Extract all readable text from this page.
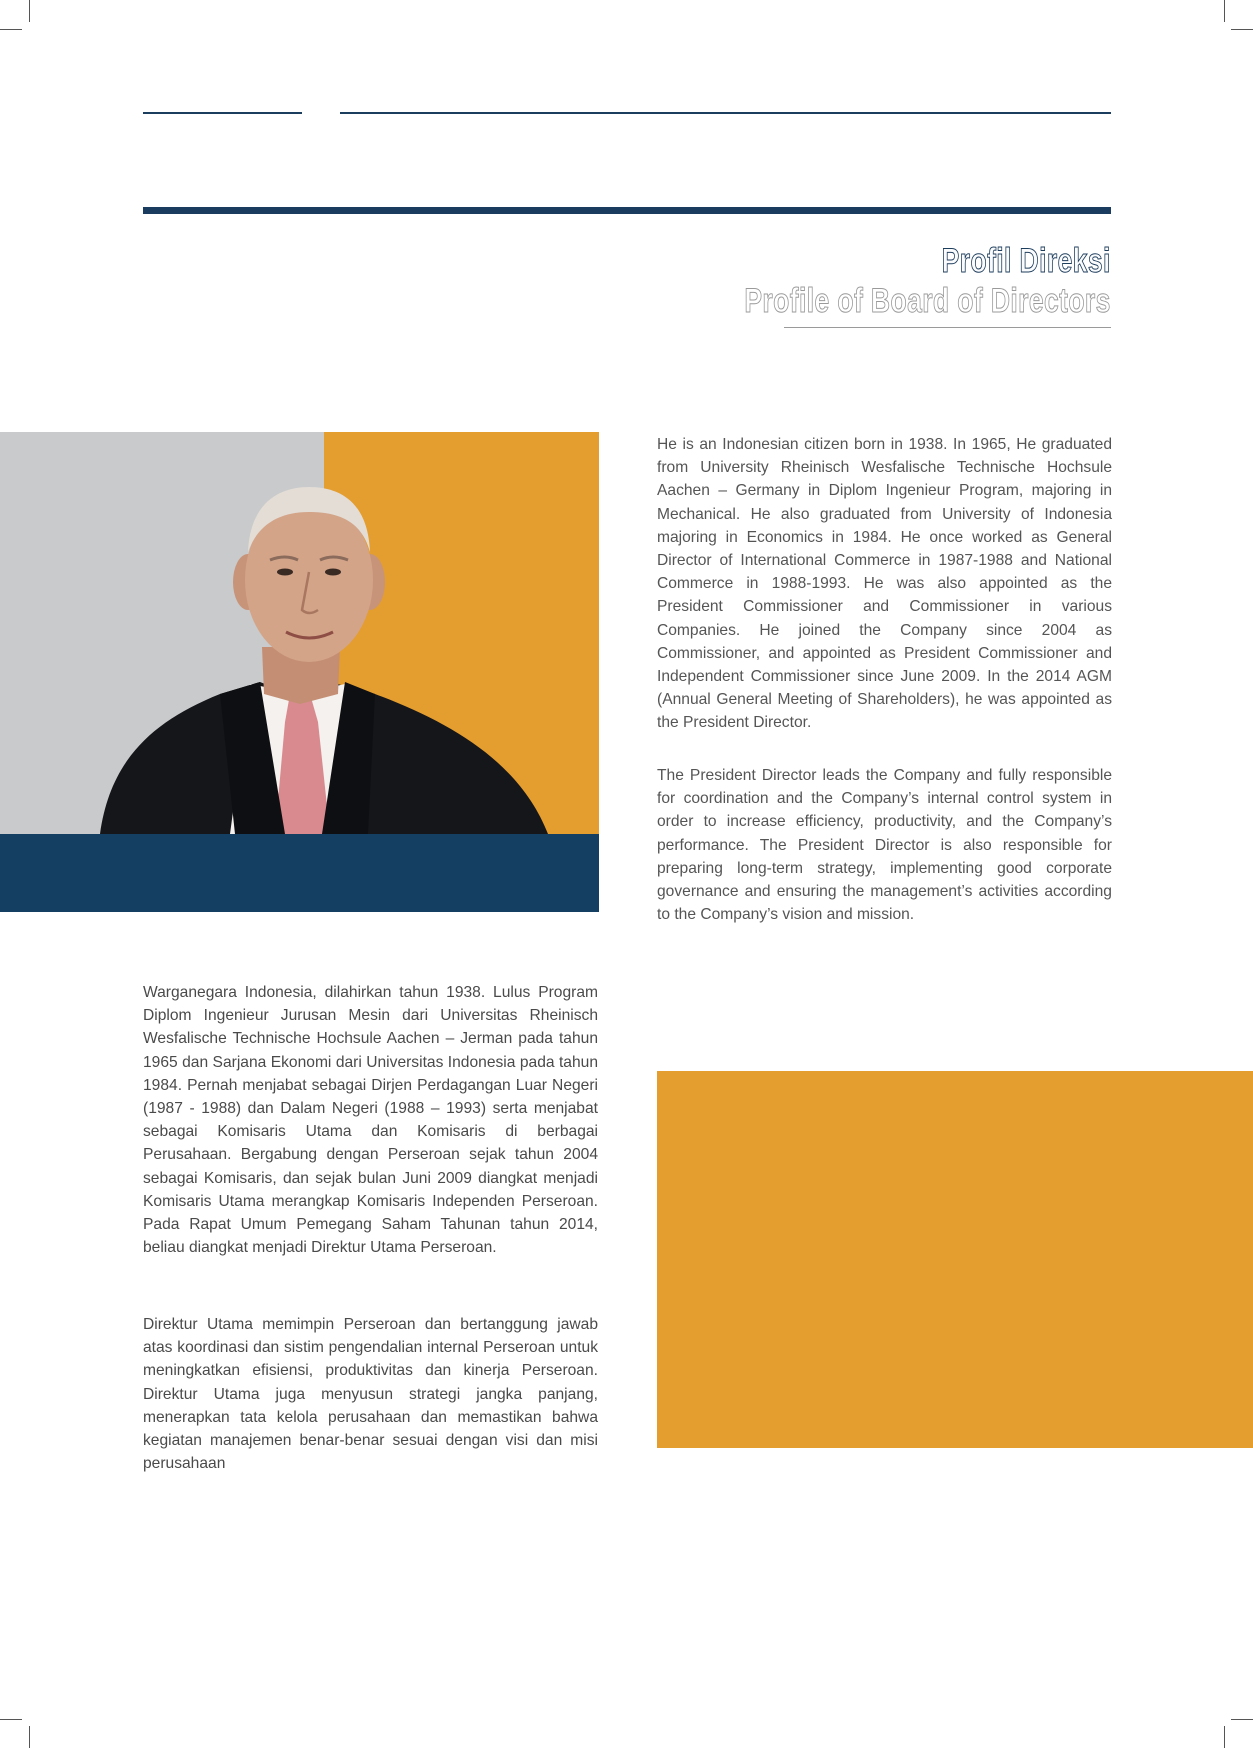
Profil Direksi
Profile of Board of Directors

He is an Indonesian citizen born in 1938. In 1965, He graduated from University Rheinisch Wesfalische Technische Hochsule Aachen – Germany in Diplom Ingenieur Program, majoring in Mechanical. He also graduated from University of Indonesia majoring in Economics in 1984. He once worked as General Director of International Commerce in 1987-1988 and National Commerce in 1988-1993. He was also appointed as the President Commissioner and Commissioner in various Companies. He joined the Company since 2004 as Commissioner, and appointed as President Commissioner and Independent Commissioner since June 2009. In the 2014 AGM (Annual General Meeting of Shareholders), he was appointed as the President Director.

The President Director leads the Company and fully responsible for coordination and the Company’s internal control system in order to increase efficiency, productivity, and the Company’s performance. The President Director is also responsible for preparing long-term strategy, implementing good corporate governance and ensuring the management’s activities according to the Company’s vision and mission.

Warganegara Indonesia, dilahirkan tahun 1938. Lulus Program Diplom Ingenieur Jurusan Mesin dari Universitas Rheinisch Wesfalische Technische Hochsule Aachen – Jerman pada tahun 1965 dan Sarjana Ekonomi dari Universitas Indonesia pada tahun 1984. Pernah menjabat sebagai Dirjen Perdagangan Luar Negeri (1987 - 1988) dan Dalam Negeri (1988 – 1993) serta menjabat sebagai Komisaris Utama dan Komisaris di berbagai Perusahaan. Bergabung dengan Perseroan sejak tahun 2004 sebagai Komisaris, dan sejak bulan Juni 2009 diangkat menjadi Komisaris Utama merangkap Komisaris Independen Perseroan. Pada Rapat Umum Pemegang Saham Tahunan tahun 2014, beliau diangkat menjadi Direktur Utama Perseroan.

Direktur Utama memimpin Perseroan dan bertanggung jawab atas koordinasi dan sistim pengendalian internal Perseroan untuk meningkatkan efisiensi, produktivitas dan kinerja Perseroan. Direktur Utama juga menyusun strategi jangka panjang, menerapkan tata kelola perusahaan dan memastikan bahwa kegiatan manajemen benar-benar sesuai dengan visi dan misi perusahaan
